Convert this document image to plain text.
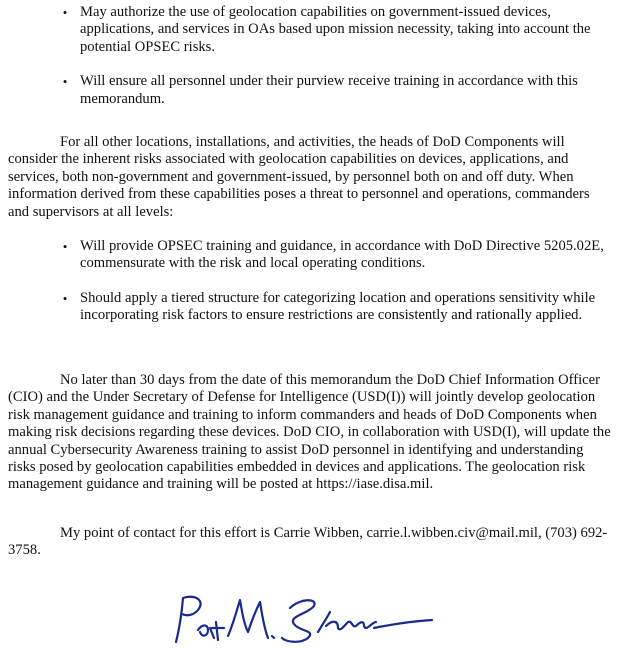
• May authorize the use of geolocation capabilities on government-issued devices, applications, and services in OAs based upon mission necessity, taking into account the potential OPSEC risks.
• Will ensure all personnel under their purview receive training in accordance with this memorandum.

For all other locations, installations, and activities, the heads of DoD Components will consider the inherent risks associated with geolocation capabilities on devices, applications, and services, both non-government and government-issued, by personnel both on and off duty. When information derived from these capabilities poses a threat to personnel and operations, commanders and supervisors at all levels:

• Will provide OPSEC training and guidance, in accordance with DoD Directive 5205.02E, commensurate with the risk and local operating conditions.
• Should apply a tiered structure for categorizing location and operations sensitivity while incorporating risk factors to ensure restrictions are consistently and rationally applied.

No later than 30 days from the date of this memorandum the DoD Chief Information Officer (CIO) and the Under Secretary of Defense for Intelligence (USD(I)) will jointly develop geolocation risk management guidance and training to inform commanders and heads of DoD Components when making risk decisions regarding these devices. DoD CIO, in collaboration with USD(I), will update the annual Cybersecurity Awareness training to assist DoD personnel in identifying and understanding risks posed by geolocation capabilities embedded in devices and applications. The geolocation risk management guidance and training will be posted at https://iase.disa.mil.

My point of contact for this effort is Carrie Wibben, carrie.l.wibben.civ@mail.mil, (703) 692-3758.
